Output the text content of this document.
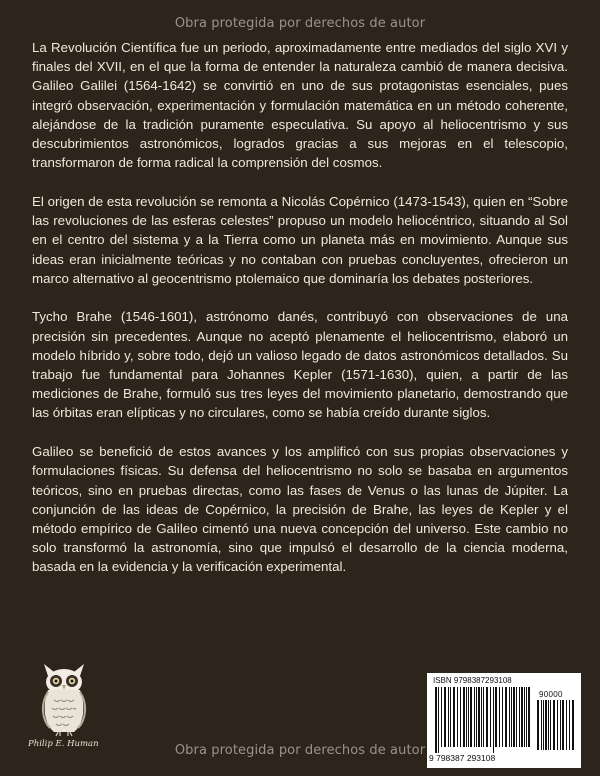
Obra protegida por derechos de autor

La Revolución Científica fue un periodo, aproximadamente entre mediados del siglo XVI y finales del XVII, en el que la forma de entender la naturaleza cambió de manera decisiva. Galileo Galilei (1564-1642) se convirtió en uno de sus protagonistas esenciales, pues integró observación, experimentación y formulación matemática en un método coherente, alejándose de la tradición puramente especulativa. Su apoyo al heliocentrismo y sus descubrimientos astronómicos, logrados gracias a sus mejoras en el telescopio, transformaron de forma radical la comprensión del cosmos.

El origen de esta revolución se remonta a Nicolás Copérnico (1473-1543), quien en “Sobre las revoluciones de las esferas celestes” propuso un modelo heliocéntrico, situando al Sol en el centro del sistema y a la Tierra como un planeta más en movimiento. Aunque sus ideas eran inicialmente teóricas y no contaban con pruebas concluyentes, ofrecieron un marco alternativo al geocentrismo ptolemaico que dominaría los debates posteriores.

Tycho Brahe (1546-1601), astrónomo danés, contribuyó con observaciones de una precisión sin precedentes. Aunque no aceptó plenamente el heliocentrismo, elaboró un modelo híbrido y, sobre todo, dejó un valioso legado de datos astronómicos detallados. Su trabajo fue fundamental para Johannes Kepler (1571-1630), quien, a partir de las mediciones de Brahe, formuló sus tres leyes del movimiento planetario, demostrando que las órbitas eran elípticas y no circulares, como se había creído durante siglos.

Galileo se benefició de estos avances y los amplificó con sus propias observaciones y formulaciones físicas. Su defensa del heliocentrismo no solo se basaba en argumentos teóricos, sino en pruebas directas, como las fases de Venus o las lunas de Júpiter. La conjunción de las ideas de Copérnico, la precisión de Brahe, las leyes de Kepler y el método empírico de Galileo cimentó una nueva concepción del universo. Este cambio no solo transformó la astronomía, sino que impulsó el desarrollo de la ciencia moderna, basada en la evidencia y la verificación experimental.

Philip E. Human
ISBN 9798387293108
90000
9 798387 293108
Obra protegida por derechos de autor
